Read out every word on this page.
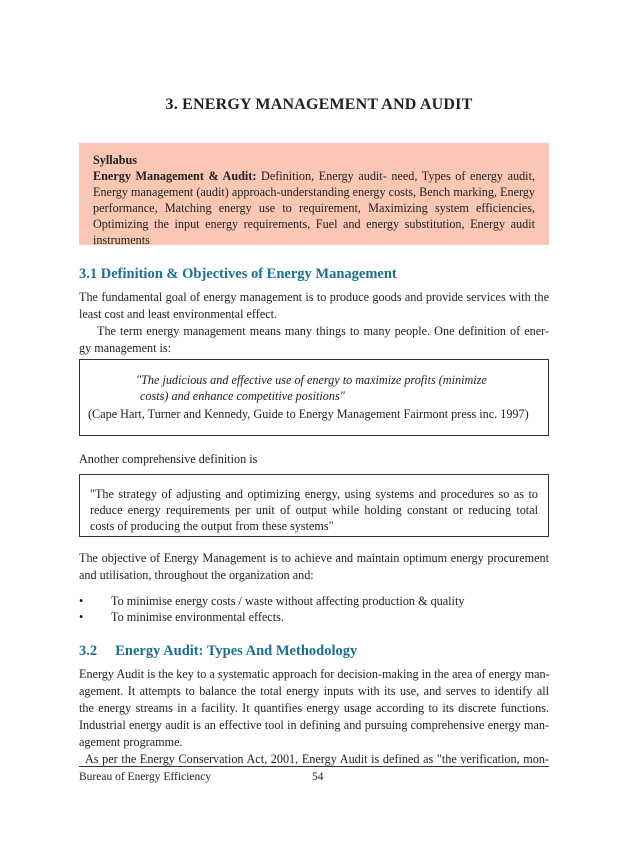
3. ENERGY MANAGEMENT AND AUDIT
Syllabus
Energy Management & Audit: Definition, Energy audit- need, Types of energy audit,
Energy management (audit) approach-understanding energy costs, Bench marking, Energy
performance, Matching energy use to requirement, Maximizing system efficiencies,
Optimizing the input energy requirements, Fuel and energy substitution, Energy audit
instruments
3.1 Definition & Objectives of Energy Management
The fundamental goal of energy management is to produce goods and provide services with the
least cost and least environmental effect.
The term energy management means many things to many people. One definition of ener-
gy management is:
"The judicious and effective use of energy to maximize profits (minimize
costs) and enhance competitive positions"
(Cape Hart, Turner and Kennedy, Guide to Energy Management Fairmont press inc. 1997)
Another comprehensive definition is
"The strategy of adjusting and optimizing energy, using systems and procedures so as to
reduce energy requirements per unit of output while holding constant or reducing total
costs of producing the output from these systems"
The objective of Energy Management is to achieve and maintain optimum energy procurement
and utilisation, throughout the organization and:
• To minimise energy costs / waste without affecting production & quality
• To minimise environmental effects.
3.2     Energy Audit: Types And Methodology
Energy Audit is the key to a systematic approach for decision-making in the area of energy man-
agement. It attempts to balance the total energy inputs with its use, and serves to identify all
the energy streams in a facility. It quantifies energy usage according to its discrete functions.
Industrial energy audit is an effective tool in defining and pursuing comprehensive energy man-
agement programme.
As per the Energy Conservation Act, 2001, Energy Audit is defined as "the verification, mon-
Bureau of Energy Efficiency	54
